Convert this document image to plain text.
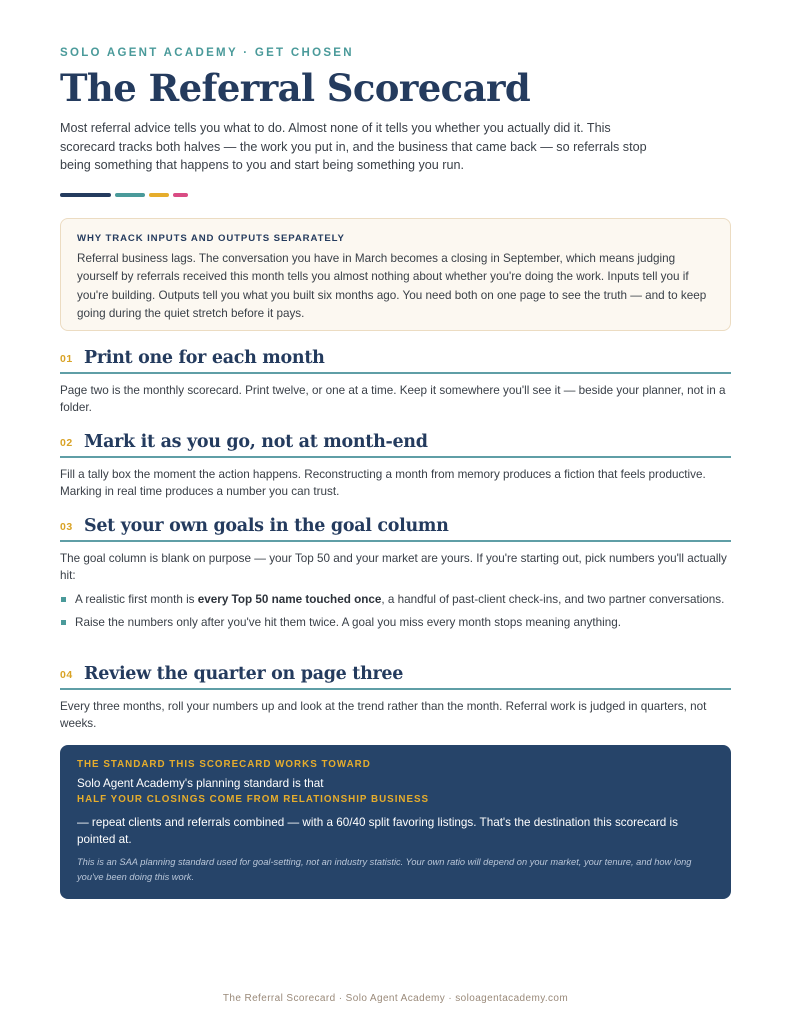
SOLO AGENT ACADEMY · GET CHOSEN
The Referral Scorecard

Most referral advice tells you what to do. Almost none of it tells you whether you actually did it. This scorecard tracks both halves — the work you put in, and the business that came back — so referrals stop being something that happens to you and start being something you run.

WHY TRACK INPUTS AND OUTPUTS SEPARATELY

Referral business lags. The conversation you have in March becomes a closing in September, which means judging yourself by referrals received this month tells you almost nothing about whether you're doing the work. Inputs tell you if you're building. Outputs tell you what you built six months ago. You need both on one page to see the truth — and to keep going during the quiet stretch before it pays.

01 Print one for each month

Page two is the monthly scorecard. Print twelve, or one at a time. Keep it somewhere you'll see it — beside your planner, not in a folder.

02 Mark it as you go, not at month-end

Fill a tally box the moment the action happens. Reconstructing a month from memory produces a fiction that feels productive. Marking in real time produces a number you can trust.

03 Set your own goals in the goal column

The goal column is blank on purpose — your Top 50 and your market are yours. If you're starting out, pick numbers you'll actually hit:

A realistic first month is every Top 50 name touched once, a handful of past-client check-ins, and two partner conversations.
Raise the numbers only after you've hit them twice. A goal you miss every month stops meaning anything.
04 Review the quarter on page three

Every three months, roll your numbers up and look at the trend rather than the month. Referral work is judged in quarters, not weeks.

THE STANDARD THIS SCORECARD WORKS TOWARD
Solo Agent Academy's planning standard is that
HALF YOUR CLOSINGS COME FROM RELATIONSHIP BUSINESS

— repeat clients and referrals combined — with a 60/40 split favoring listings. That's the destination this scorecard is pointed at.

This is an SAA planning standard used for goal-setting, not an industry statistic. Your own ratio will depend on your market, your tenure, and how long you've been doing this work.

The Referral Scorecard · Solo Agent Academy · soloagentacademy.com
